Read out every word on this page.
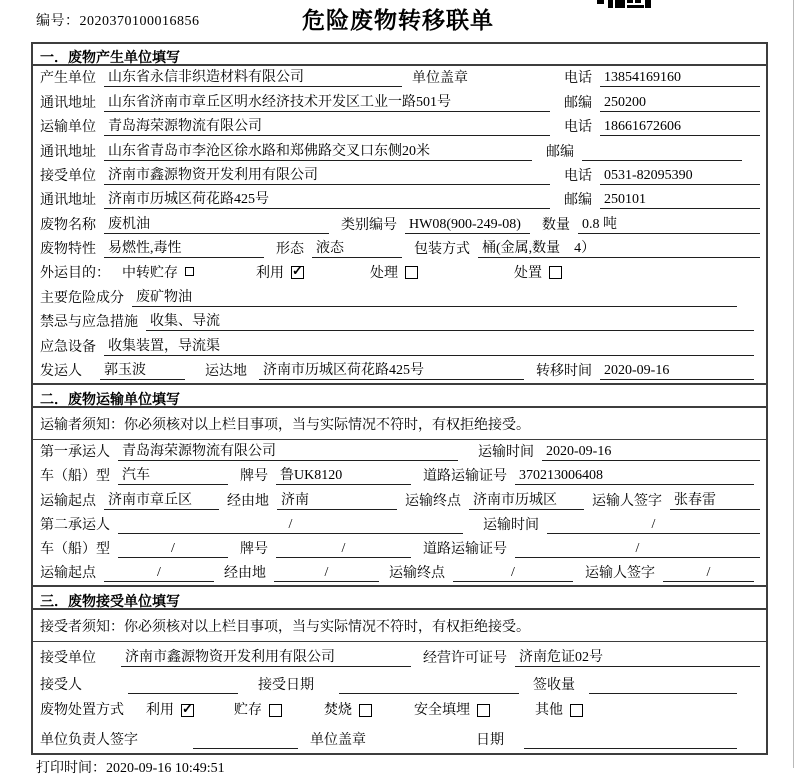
编号：2020370100016856	危险废物转移联单
一．废物产生单位填写
产生单位 山东省永信非织造材料有限公司	单位盖章	电话 13854169160
通讯地址 山东省济南市章丘区明水经济技术开发区工业一路501号	邮编 250200
运输单位 青岛海荣源物流有限公司	电话 18661672606
通讯地址 山东省青岛市李沧区徐水路和郑佛路交叉口东侧20米	邮编
接受单位 济南市鑫源物资开发利用有限公司	电话 0531-82095390
通讯地址 济南市历城区荷花路425号	邮编 250101
废物名称 废机油	类别编号 HW08(900-249-08)	数量 0.8 吨
废物特性 易燃性,毒性	形态 液态	包装方式 桶(金属,数量　4）
外运目的： 中转贮存	利用 ✓	处理	处置
主要危险成分 废矿物油
禁忌与应急措施 收集、导流
应急设备 收集装置，导流渠
发运人 郭玉波	运达地 济南市历城区荷花路425号	转移时间 2020-09-16
二．废物运输单位填写
运输者须知：你必须核对以上栏目事项，当与实际情况不符时，有权拒绝接受。
第一承运人 青岛海荣源物流有限公司	运输时间 2020-09-16
车（船）型 汽车	牌号 鲁UK8120	道路运输证号 370213006408
运输起点 济南市章丘区	经由地 济南	运输终点 济南市历城区	运输人签字 张春雷
第二承运人	/	运输时间	/
车（船）型	/	牌号	/	道路运输证号	/
运输起点	/	经由地	/	运输终点	/	运输人签字	/
三．废物接受单位填写
接受者须知：你必须核对以上栏目事项，当与实际情况不符时，有权拒绝接受。
接受单位 济南市鑫源物资开发利用有限公司	经营许可证号 济南危证02号
接受人	接受日期	签收量
废物处置方式 利用 ✓	贮存	焚烧	安全填埋	其他
单位负责人签字	单位盖章	日期
打印时间：2020-09-16 10:49:51
